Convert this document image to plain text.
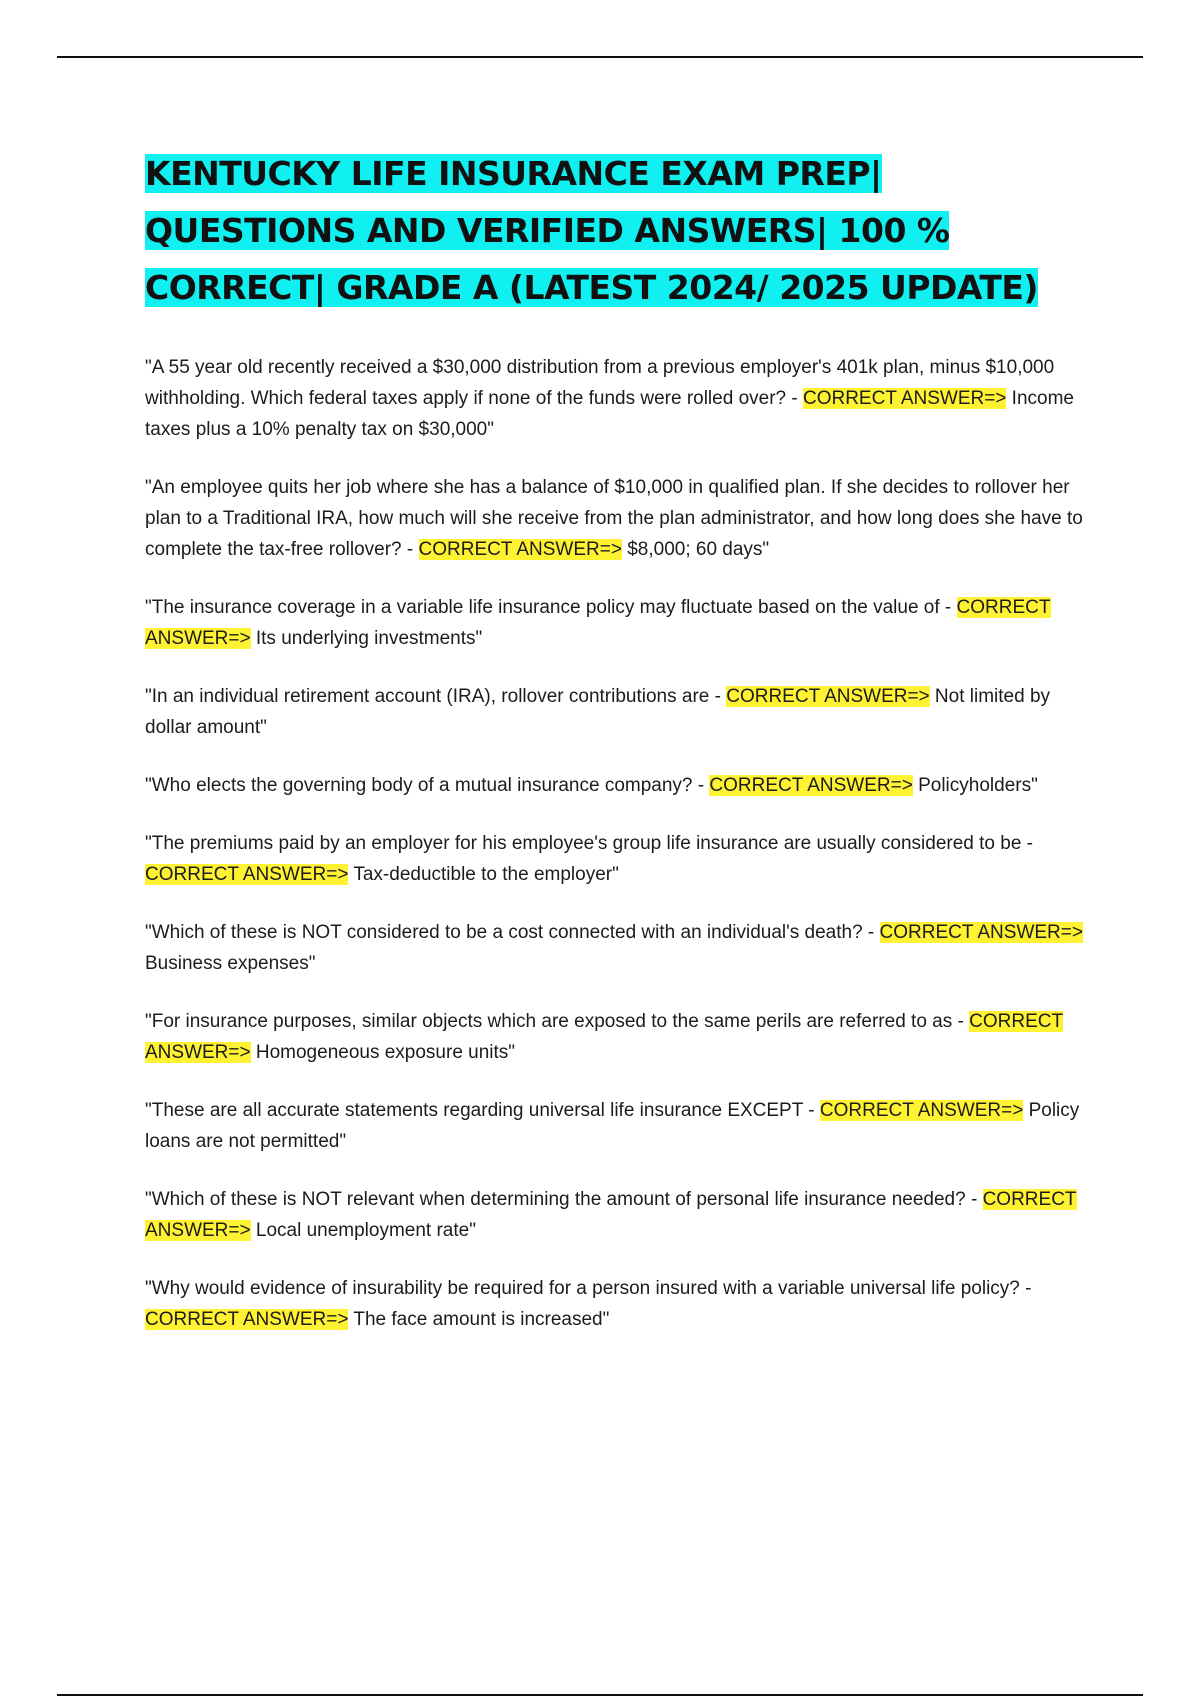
KENTUCKY LIFE INSURANCE EXAM PREP| QUESTIONS AND VERIFIED ANSWERS| 100 % CORRECT| GRADE A (LATEST 2024/ 2025 UPDATE)

"A 55 year old recently received a $30,000 distribution from a previous employer's 401k plan, minus $10,000 withholding. Which federal taxes apply if none of the funds were rolled over? - CORRECT ANSWER=> Income taxes plus a 10% penalty tax on $30,000"

"An employee quits her job where she has a balance of $10,000 in qualified plan. If she decides to rollover her plan to a Traditional IRA, how much will she receive from the plan administrator, and how long does she have to complete the tax-free rollover? - CORRECT ANSWER=> $8,000; 60 days"

"The insurance coverage in a variable life insurance policy may fluctuate based on the value of - CORRECT ANSWER=> Its underlying investments"

"In an individual retirement account (IRA), rollover contributions are - CORRECT ANSWER=> Not limited by dollar amount"

"Who elects the governing body of a mutual insurance company? - CORRECT ANSWER=> Policyholders"

"The premiums paid by an employer for his employee's group life insurance are usually considered to be - CORRECT ANSWER=> Tax-deductible to the employer"

"Which of these is NOT considered to be a cost connected with an individual's death? - CORRECT ANSWER=> Business expenses"

"For insurance purposes, similar objects which are exposed to the same perils are referred to as - CORRECT ANSWER=> Homogeneous exposure units"

"These are all accurate statements regarding universal life insurance EXCEPT - CORRECT ANSWER=> Policy loans are not permitted"

"Which of these is NOT relevant when determining the amount of personal life insurance needed? - CORRECT ANSWER=> Local unemployment rate"

"Why would evidence of insurability be required for a person insured with a variable universal life policy? - CORRECT ANSWER=> The face amount is increased"
